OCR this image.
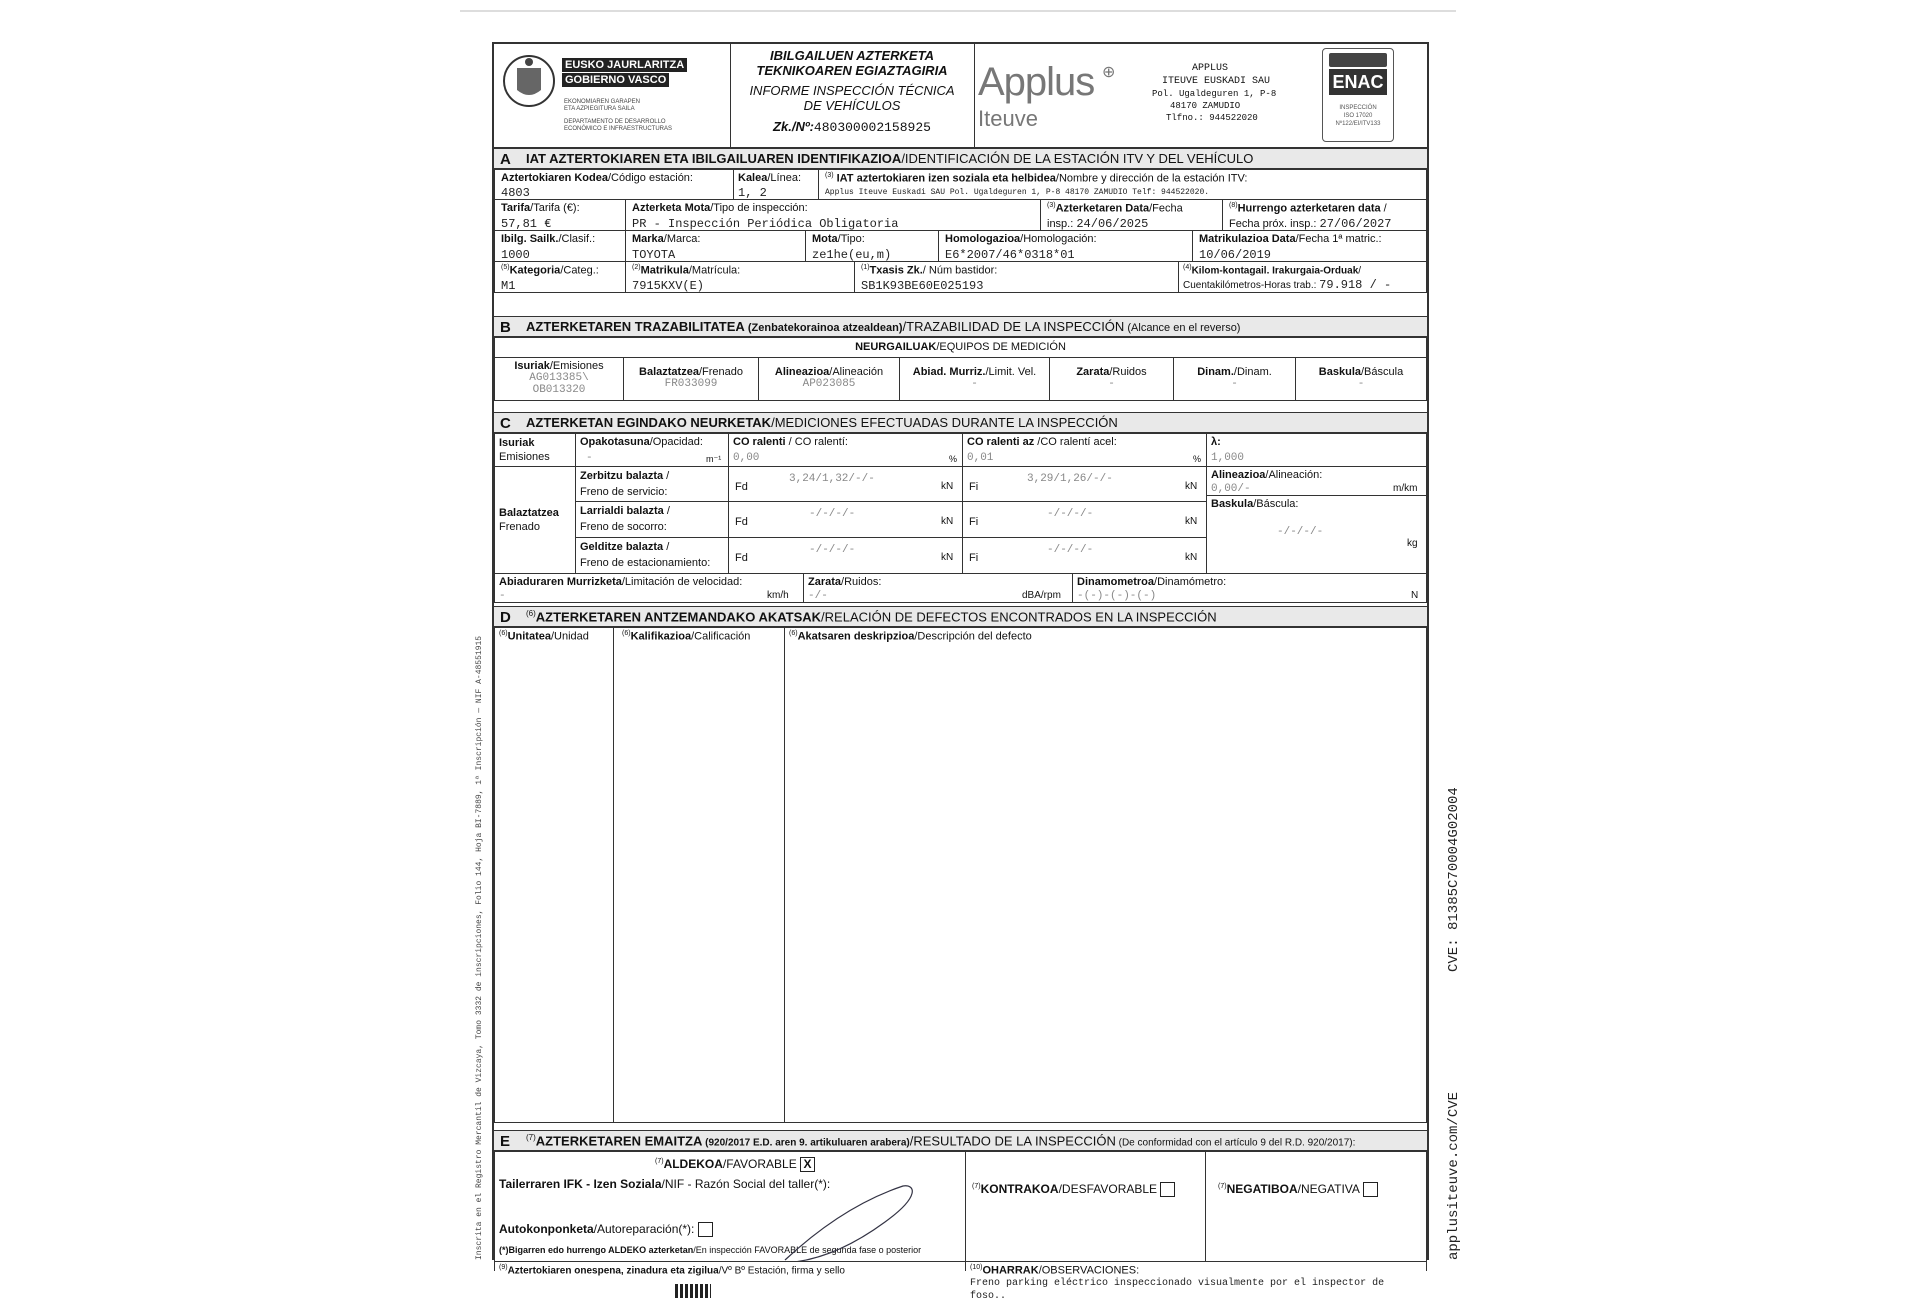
Inscrita en el Registro Mercantil de Vizcaya, Tomo 3332 de inscripciones, Folio 144, Hoja BI-7889, 1ª Inscripción — NIF A-48551915	CVE: 81385C70004G02004
applusiteuve.com/CVE
EUSKO JAURLARITZA
GOBIERNO VASCO
EKONOMIAREN GARAPEN
ETA AZPIEGITURA SAILA
DEPARTAMENTO DE DESARROLLO
ECONÓMICO E INFRAESTRUCTURAS
IBILGAILUEN AZTERKETA
TEKNIKOAREN EGIAZTAGIRIA
INFORME INSPECCIÓN TÉCNICA
DE VEHÍCULOS
Zk./Nº:480300002158925
Applus ⊕
Iteuve
APPLUS
ITEUVE EUSKADI SAU
Pol. Ugaldeguren 1, P-8
48170 ZAMUDIO
Tlfno.: 944522020
ENAC
INSPECCIÓN
ISO 17020
Nº122/EI/ITV133
A IAT AZTERTOKIAREN ETA IBILGAILUAREN IDENTIFIKAZIOA/IDENTIFICACIÓN DE LA ESTACIÓN ITV Y DEL VEHÍCULO
Aztertokiaren Kodea/Código estación:
4803
Kalea/Línea:
1, 2
$^{(3)}$ IAT aztertokiaren izen soziala eta helbidea/Nombre y dirección de la estación ITV:
Applus Iteuve Euskadi SAU Pol. Ugaldeguren 1, P-8 48170 ZAMUDIO Telf: 944522020.
Tarifa/Tarifa (€):
57,81 €
Azterketa Mota/Tipo de inspección:
PR - Inspección Periódica Obligatoria
$^{(3)}$Azterketaren Data/Fecha
insp.: 24/06/2025
$^{(8)}$Hurrengo azterketaren data /
Fecha próx. insp.: 27/06/2027
Ibilg. Sailk./Clasif.:
1000
Marka/Marca:
TOYOTA
Mota/Tipo:
ze1he(eu,m)
Homologazioa/Homologación:
E6*2007/46*0318*01
Matrikulazioa Data/Fecha 1ª matric.:
10/06/2019
$^{(5)}$Kategoria/Categ.:
M1
$^{(2)}$Matrikula/Matrícula:
7915KXV(E)
$^{(1)}$Txasis Zk./ Núm bastidor:
SB1K93BE60E025193
$^{(4)}$Kilom-kontagail. Irakurgaia-Orduak/
Cuentakilómetros-Horas trab.: 79.918 / -
B AZTERKETAREN TRAZABILITATEA (Zenbatekorainoa atzealdean)/TRAZABILIDAD DE LA INSPECCIÓN (Alcance en el reverso)
NEURGAILUAK/EQUIPOS DE MEDICIÓN
Isuriak/Emisiones
AG013385\
OB013320
Balaztatzea/Frenado
FR033099
Alineazioa/Alineación
AP023085
Abiad. Murriz./Limit. Vel.
-
Zarata/Ruidos
-
Dinam./Dinam.
-
Baskula/Báscula
-
C AZTERKETAN EGINDAKO NEURKETAK/MEDICIONES EFECTUADAS DURANTE LA INSPECCIÓN
Isuriak
Emisiones
Opakotasuna/Opacidad:
-	m⁻¹
CO ralenti / CO ralentí:
0,00	%
CO ralenti az /CO ralentí acel:
0,01	%
λ:
1,000
Balaztatzea
Frenado
Zerbitzu balazta /
Freno de servicio:	Fd
3,24/1,32/-/-
kN Fi
3,29/1,26/-/-
kN
Larrialdi balazta /
Freno de socorro:	Fd
-/-/-/-
kN Fi
-/-/-/-
kN
Gelditze balazta /
Freno de estacionamiento: Fd
-/-/-/-
kN Fi
-/-/-/-
kN
Alineazioa/Alineación:
0,00/-	m/km
Baskula/Báscula:
-/-/-/-
kg
Abiaduraren Murrizketa/Limitación de velocidad:
-	km/h
Zarata/Ruidos:
-/-	dBA/rpm
Dinamometroa/Dinamómetro:
-(-)-(-)-(-)	N
D $^{(6)}$AZTERKETAREN ANTZEMANDAKO AKATSAK/RELACIÓN DE DEFECTOS ENCONTRADOS EN LA INSPECCIÓN
$^{(6)}$Unitatea/Unidad	$^{(6)}$Kalifikazioa/Calificación	$^{(6)}$Akatsaren deskripzioa/Descripción del defecto
E $^{(7)}$AZTERKETAREN EMAITZA (920/2017 E.D. aren 9. artikuluaren arabera)/RESULTADO DE LA INSPECCIÓN (De conformidad con el artículo 9 del R.D. 920/2017):
$^{(7)}$ALDEKOA/FAVORABLE X
Tailerraren IFK - Izen Soziala/NIF - Razón Social del taller(*):
Autokonponketa/Autoreparación(*):
(*)Bigarren edo hurrengo ALDEKO azterketan/En inspección FAVORABLE de segunda fase o posterior
$^{(7)}$KONTRAKOA/DESFAVORABLE	$^{(7)}$NEGATIBOA/NEGATIVA
$^{(9)}$Aztertokiaren onespena, zinadura eta zigilua/Vº Bº Estación, firma y sello	$^{(10)}$OHARRAK/OBSERVACIONES:
Freno parking eléctrico inspeccionado visualmente por el inspector de
foso..
